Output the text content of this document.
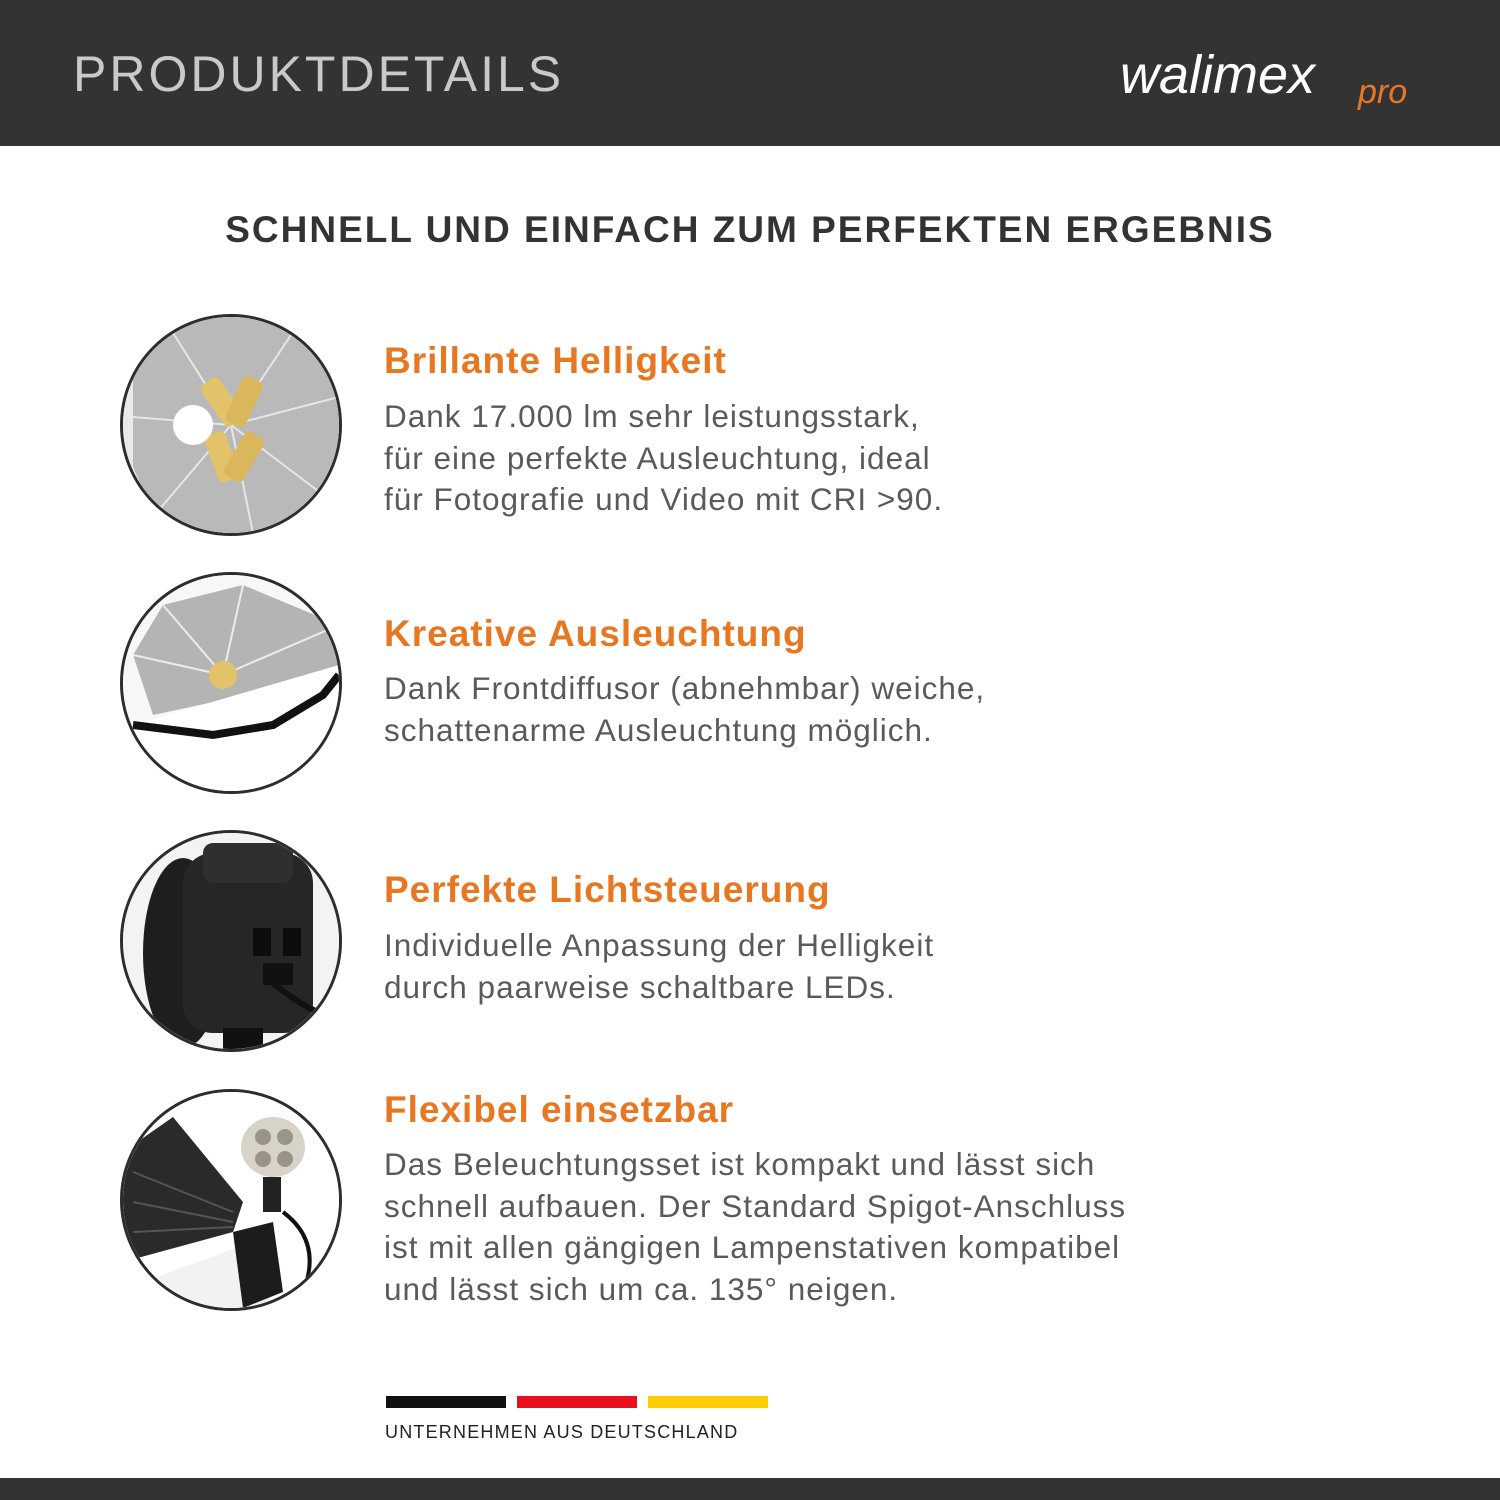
PRODUKTDETAILS	walimex pro
SCHNELL UND EINFACH ZUM PERFEKTEN ERGEBNIS
Brillante Helligkeit
Dank 17.000 lm sehr leistungsstark,
für eine perfekte Ausleuchtung, ideal
für Fotografie und Video mit CRI >90.
Kreative Ausleuchtung
Dank Frontdiffusor (abnehmbar) weiche,
schattenarme Ausleuchtung möglich.
Perfekte Lichtsteuerung
Individuelle Anpassung der Helligkeit
durch paarweise schaltbare LEDs.
Flexibel einsetzbar
Das Beleuchtungsset ist kompakt und lässt sich
schnell aufbauen. Der Standard Spigot-Anschluss
ist mit allen gängigen Lampenstativen kompatibel
und lässt sich um ca. 135° neigen.
UNTERNEHMEN AUS DEUTSCHLAND
